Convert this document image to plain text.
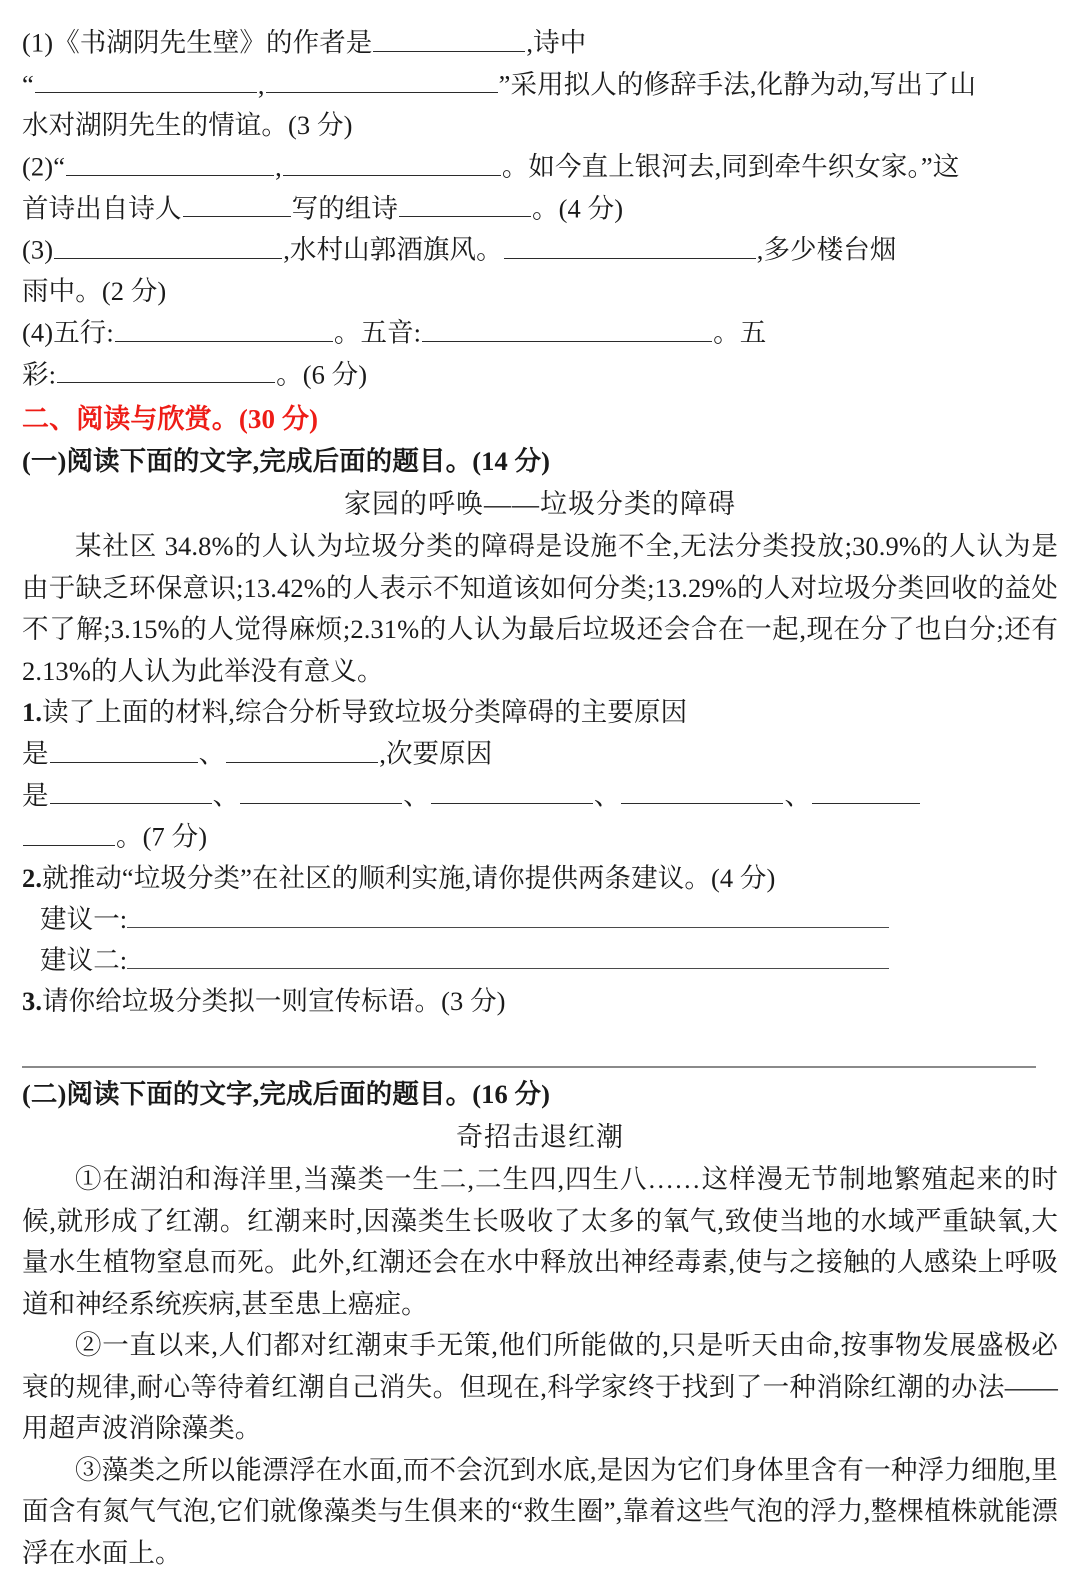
(1)《书湖阴先生壁》的作者是	,诗中
“	,	”采用拟人的修辞手法,化静为动,写出了山
水对湖阴先生的情谊。(3 分)
(2)“	,	。如今直上银河去,同到牵牛织女家。”这
首诗出自诗人	写的组诗	。(4 分)
(3)	,水村山郭酒旗风。	,多少楼台烟
雨中。(2 分)
(4)五行:	。五音:	。五
彩:	。(6 分)
二、阅读与欣赏。(30 分)
(一)阅读下面的文字,完成后面的题目。(14 分)
家园的呼唤——垃圾分类的障碍
某社区 34.8%的人认为垃圾分类的障碍是设施不全,无法分类投放;30.9%的人认为是由于缺乏环保意识;13.42%的人表示不知道该如何分类;13.29%的人对垃圾分类回收的益处不了解;3.15%的人觉得麻烦;2.31%的人认为最后垃圾还会合在一起,现在分了也白分;还有 2.13%的人认为此举没有意义。
1.读了上面的材料,综合分析导致垃圾分类障碍的主要原因
是	、	,次要原因
是	、	、	、	、
。(7 分)
2.就推动“垃圾分类”在社区的顺利实施,请你提供两条建议。(4 分)
建议一:
建议二:
3.请你给垃圾分类拟一则宣传标语。(3 分)
(二)阅读下面的文字,完成后面的题目。(16 分)
奇招击退红潮
①在湖泊和海洋里,当藻类一生二,二生四,四生八……这样漫无节制地繁殖起来的时候,就形成了红潮。红潮来时,因藻类生长吸收了太多的氧气,致使当地的水域严重缺氧,大量水生植物窒息而死。此外,红潮还会在水中释放出神经毒素,使与之接触的人感染上呼吸道和神经系统疾病,甚至患上癌症。
②一直以来,人们都对红潮束手无策,他们所能做的,只是听天由命,按事物发展盛极必衰的规律,耐心等待着红潮自己消失。但现在,科学家终于找到了一种消除红潮的办法——用超声波消除藻类。
③藻类之所以能漂浮在水面,而不会沉到水底,是因为它们身体里含有一种浮力细胞,里面含有氮气气泡,它们就像藻类与生俱来的“救生圈”,靠着这些气泡的浮力,整棵植株就能漂浮在水面上。
